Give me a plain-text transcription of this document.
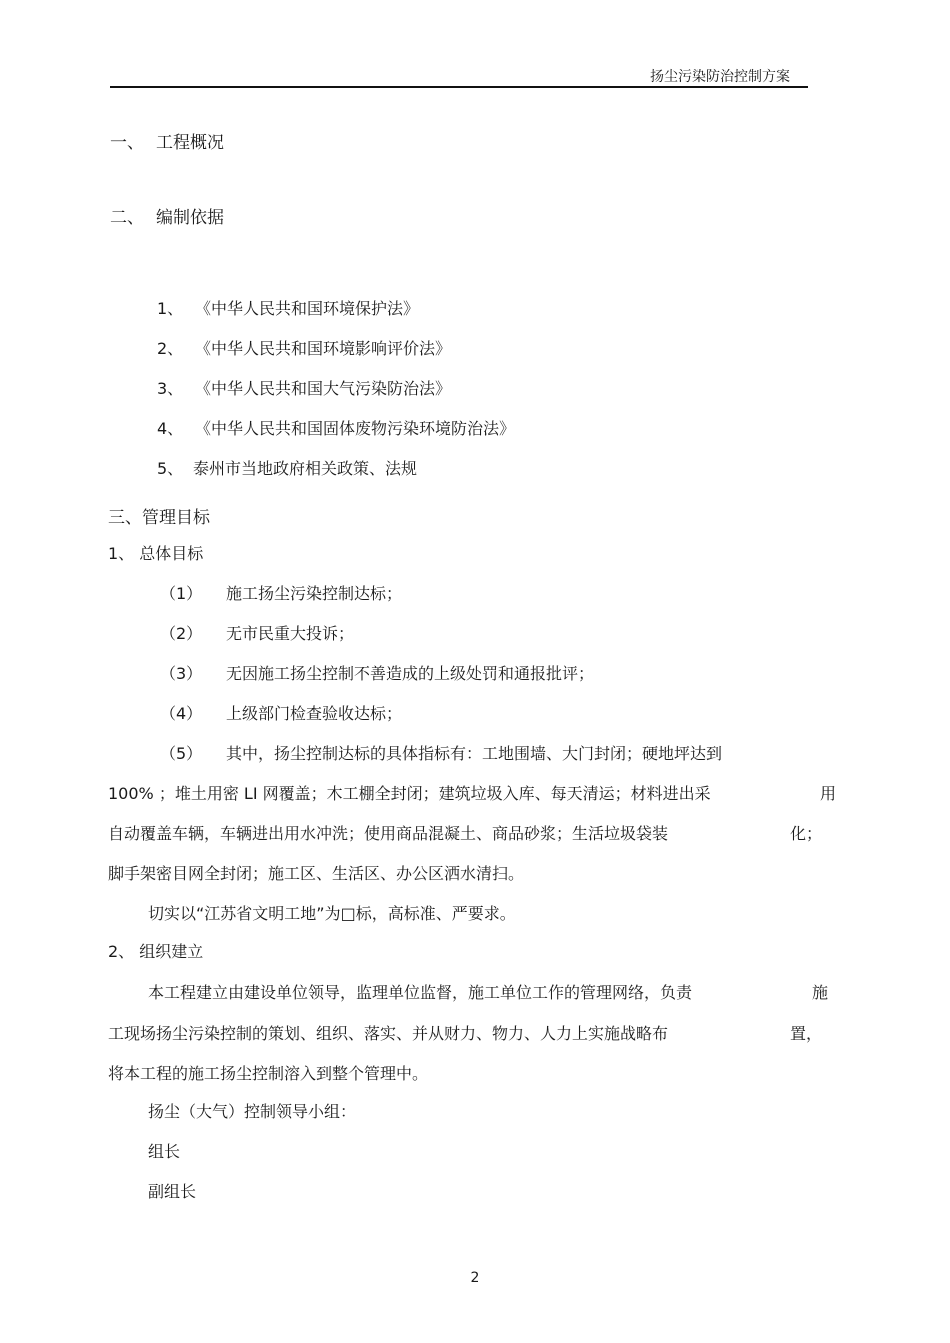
扬尘污染防治控制方案
一、 工程概况
二、 编制依据
1、 《中华人民共和国环境保护法》
2、 《中华人民共和国环境影响评价法》
3、 《中华人民共和国大气污染防治法》
4、 《中华人民共和国固体废物污染环境防治法》
5、 泰州市当地政府相关政策、法规
三、管理目标
1、 总体目标
（1） 施工扬尘污染控制达标；
（2） 无市民重大投诉；
（3） 无因施工扬尘控制不善造成的上级处罚和通报批评；
（4） 上级部门检查验收达标；
（5） 其中，扬尘控制达标的具体指标有：工地围墙、大门封闭；硬地坪达到
100% ；堆土用密 LI 网覆盖；木工棚全封闭；建筑垃圾入库、每天清运；材料进出采	用
自动覆盖车辆，车辆进出用水冲洗；使用商品混凝土、商品砂浆；生活垃圾袋装	化；
脚手架密目网全封闭；施工区、生活区、办公区洒水清扫。
切实以“江苏省文明工地”为□标，高标准、严要求。
2、 组织建立
本工程建立由建设单位领导，监理单位监督，施工单位工作的管理网络，负责	施
工现场扬尘污染控制的策划、组织、落实、并从财力、物力、人力上实施战略布	置，
将本工程的施工扬尘控制溶入到整个管理中。
扬尘（大气）控制领导小组：
组长
副组长
2
